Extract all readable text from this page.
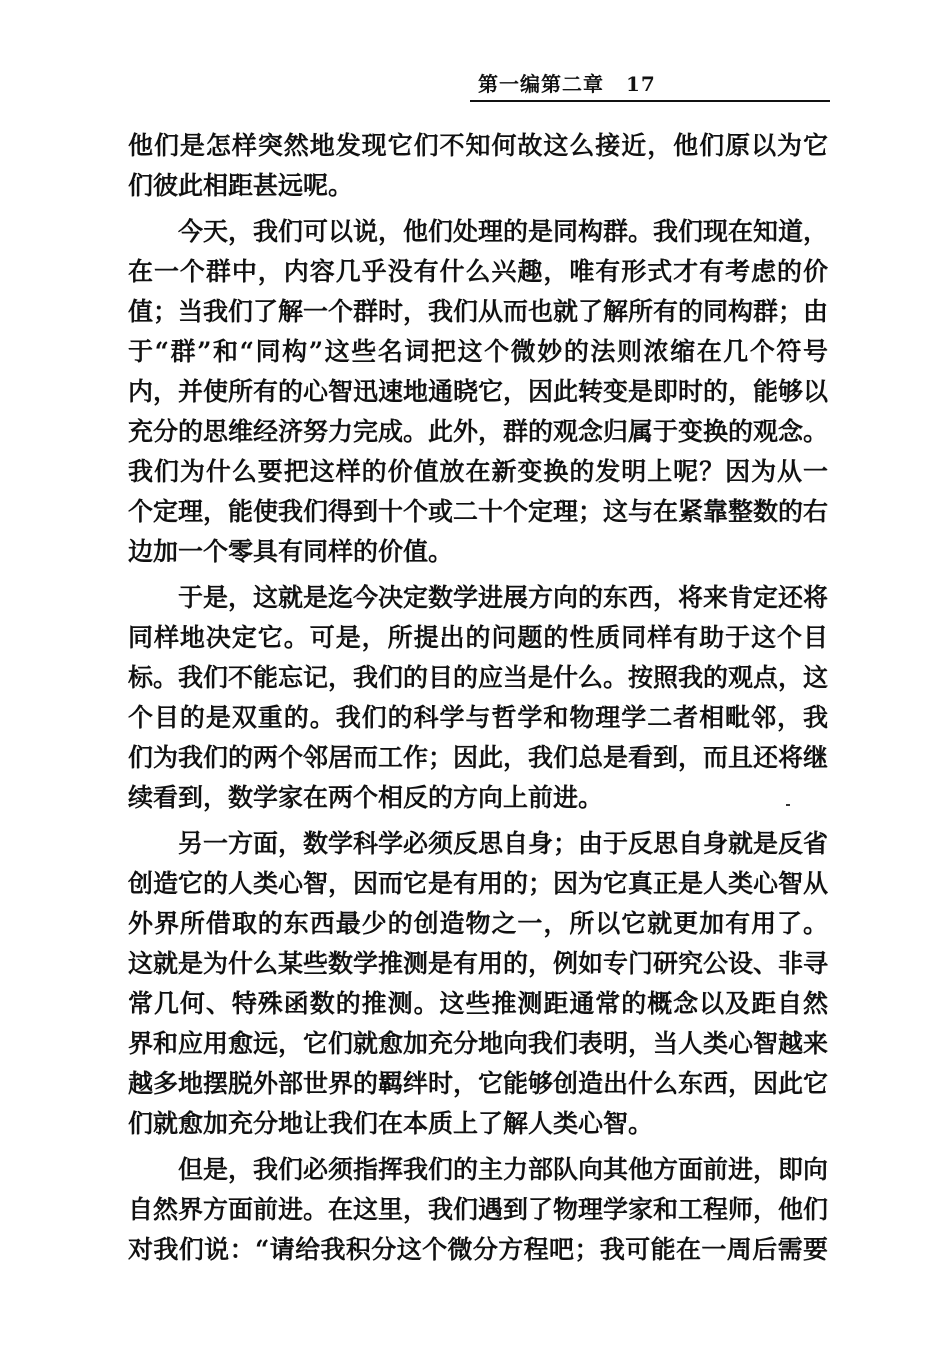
第一编第二章 17
他们是怎样突然地发现它们不知何故这么接近，他们原以为它
们彼此相距甚远呢。
　　今天，我们可以说，他们处理的是同构群。我们现在知道，
在一个群中，内容几乎没有什么兴趣，唯有形式才有考虑的价
值；当我们了解一个群时，我们从而也就了解所有的同构群；由
于“群”和“同构”这些名词把这个微妙的法则浓缩在几个符号
内，并使所有的心智迅速地通晓它，因此转变是即时的，能够以
充分的思维经济努力完成。此外，群的观念归属于变换的观念。
我们为什么要把这样的价值放在新变换的发明上呢？因为从一
个定理，能使我们得到十个或二十个定理；这与在紧靠整数的右
边加一个零具有同样的价值。
　　于是，这就是迄今决定数学进展方向的东西，将来肯定还将
同样地决定它。可是，所提出的问题的性质同样有助于这个目
标。我们不能忘记，我们的目的应当是什么。按照我的观点，这
个目的是双重的。我们的科学与哲学和物理学二者相毗邻，我
们为我们的两个邻居而工作；因此，我们总是看到，而且还将继
续看到，数学家在两个相反的方向上前进。
　　另一方面，数学科学必须反思自身；由于反思自身就是反省
创造它的人类心智，因而它是有用的；因为它真正是人类心智从
外界所借取的东西最少的创造物之一，所以它就更加有用了。
这就是为什么某些数学推测是有用的，例如专门研究公设、非寻
常几何、特殊函数的推测。这些推测距通常的概念以及距自然
界和应用愈远，它们就愈加充分地向我们表明，当人类心智越来
越多地摆脱外部世界的羁绊时，它能够创造出什么东西，因此它
们就愈加充分地让我们在本质上了解人类心智。
　　但是，我们必须指挥我们的主力部队向其他方面前进，即向
自然界方面前进。在这里，我们遇到了物理学家和工程师，他们
对我们说：“请给我积分这个微分方程吧；我可能在一周后需要
